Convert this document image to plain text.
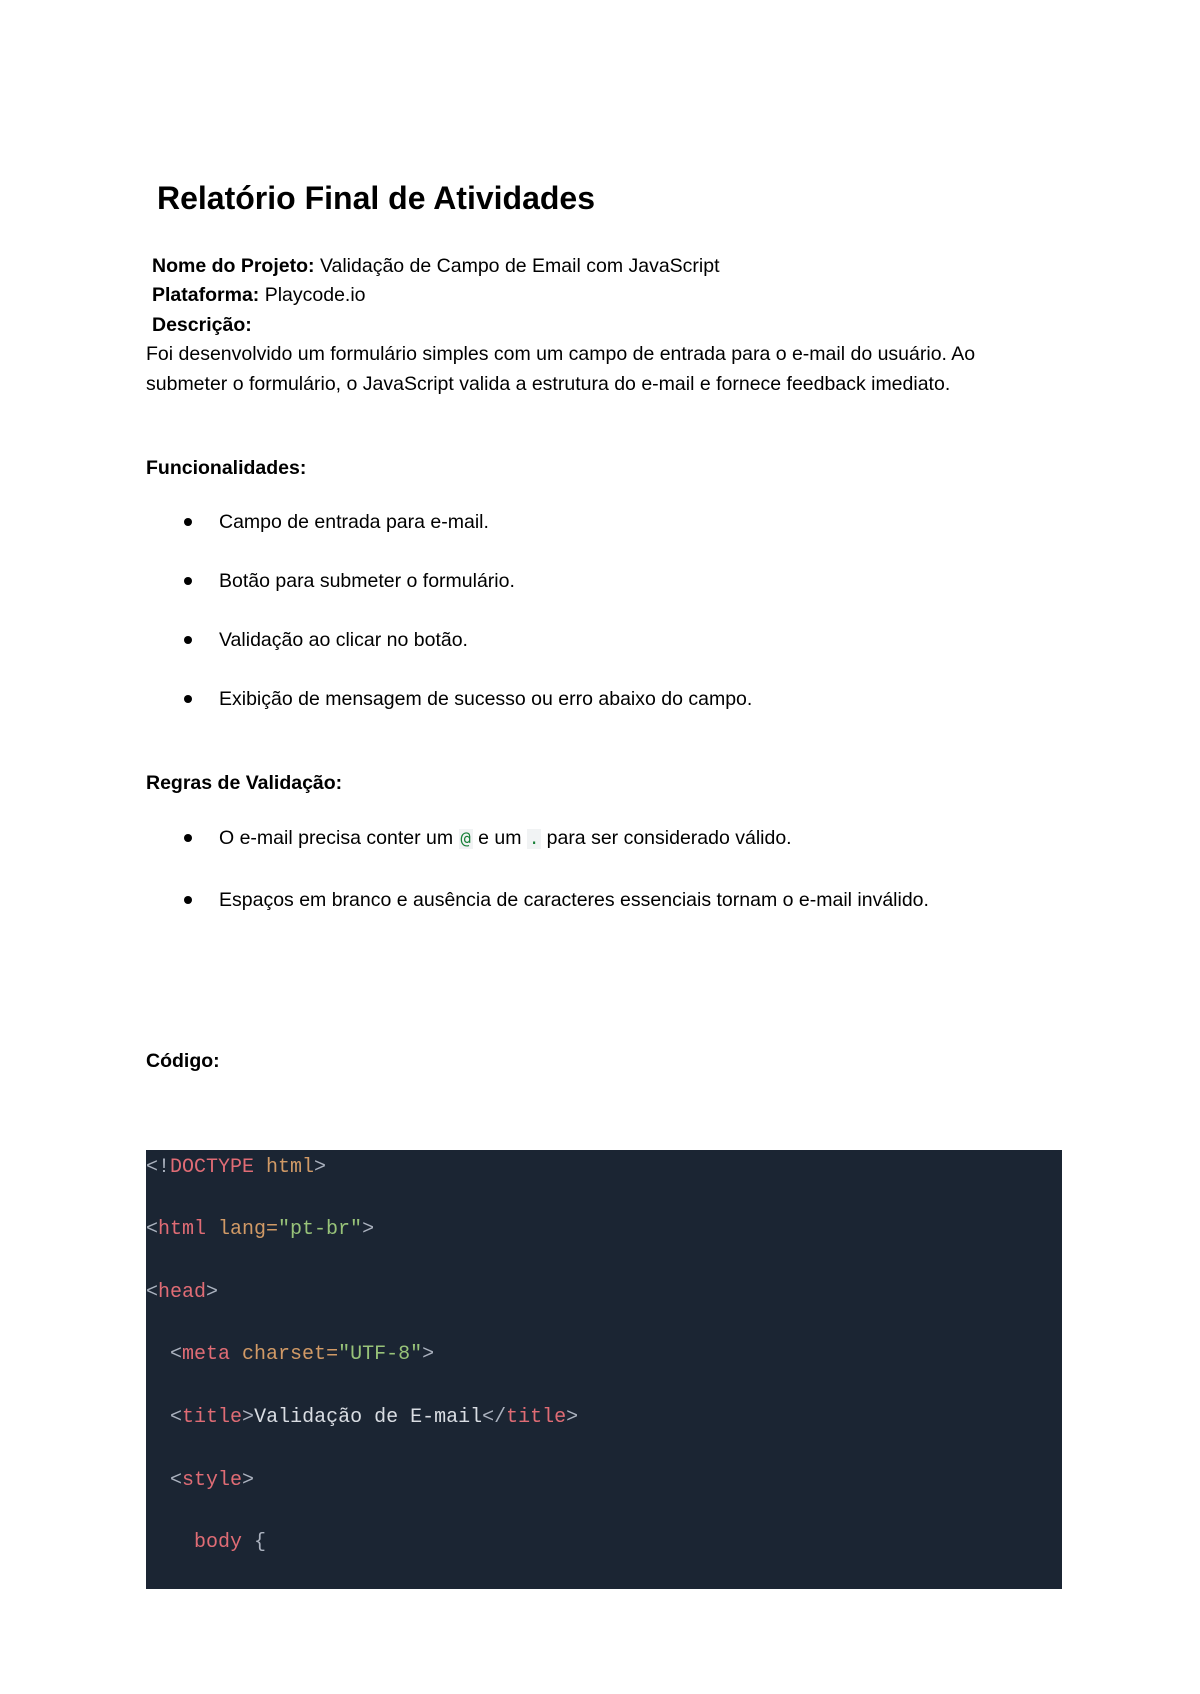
Relatório Final de Atividades
Nome do Projeto: Validação de Campo de Email com JavaScript
Plataforma: Playcode.io
Descrição:

Foi desenvolvido um formulário simples com um campo de entrada para o e-mail do usuário. Ao submeter o formulário, o JavaScript valida a estrutura do e-mail e fornece feedback imediato.

Funcionalidades:
Campo de entrada para e-mail.
Botão para submeter o formulário.
Validação ao clicar no botão.
Exibição de mensagem de sucesso ou erro abaixo do campo.
Regras de Validação:
O e-mail precisa conter um @ e um . para ser considerado válido.
Espaços em branco e ausência de caracteres essenciais tornam o e-mail inválido.
Código:
<!DOCTYPE html>
<html lang="pt-br">
<head>
<meta charset="UTF-8">
<title>Validação de E-mail</title>
<style>
body {
